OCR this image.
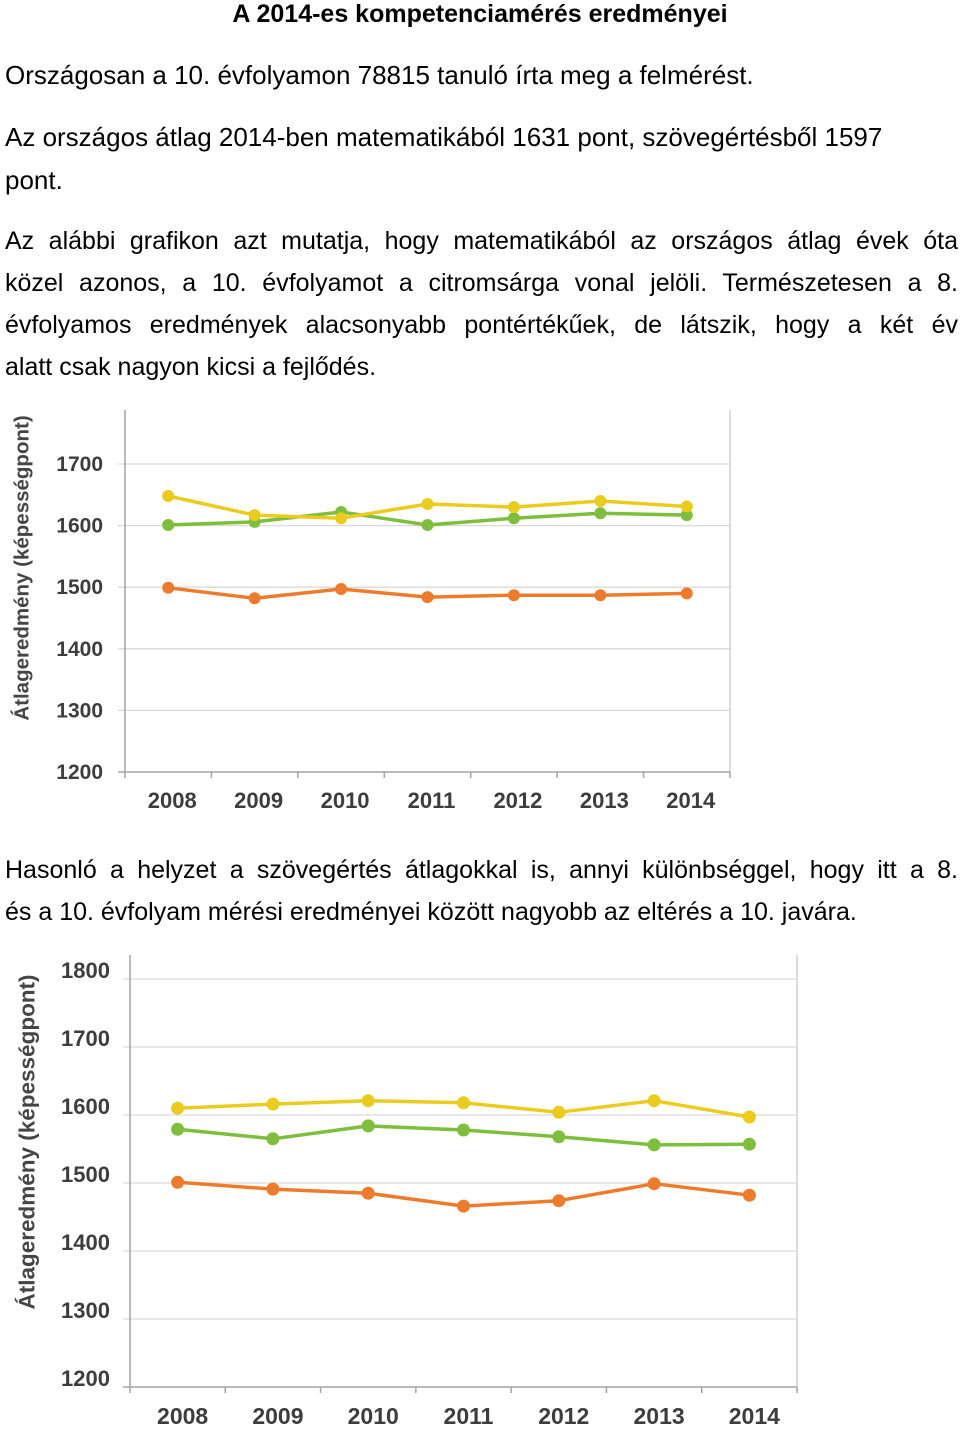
A 2014-es kompetenciamérés eredményei
Országosan a 10. évfolyamon 78815 tanuló írta meg a felmérést.
Az országos átlag 2014-ben matematikából 1631 pont, szövegértésből 1597
pont.
Az alábbi grafikon azt mutatja, hogy matematikából az országos átlag évek óta
közel azonos, a 10. évfolyamot a citromsárga vonal jelöli. Természetesen a 8.
évfolyamos eredmények alacsonyabb pontértékűek, de látszik, hogy a két év
alatt csak nagyon kicsi a fejlődés.
1200
1300
1400
1500
1600
1700
2008 2009 2010 2011 2012 2013 2014
Átlageredmény (képességpont)
Hasonló a helyzet a szövegértés átlagokkal is, annyi különbséggel, hogy itt a 8.
és a 10. évfolyam mérési eredményei között nagyobb az eltérés a 10. javára.
1200
1300
1400
1500
1600
1700
1800
2008 2009 2010 2011 2012 2013 2014
Átlageredmény (képességpont)
